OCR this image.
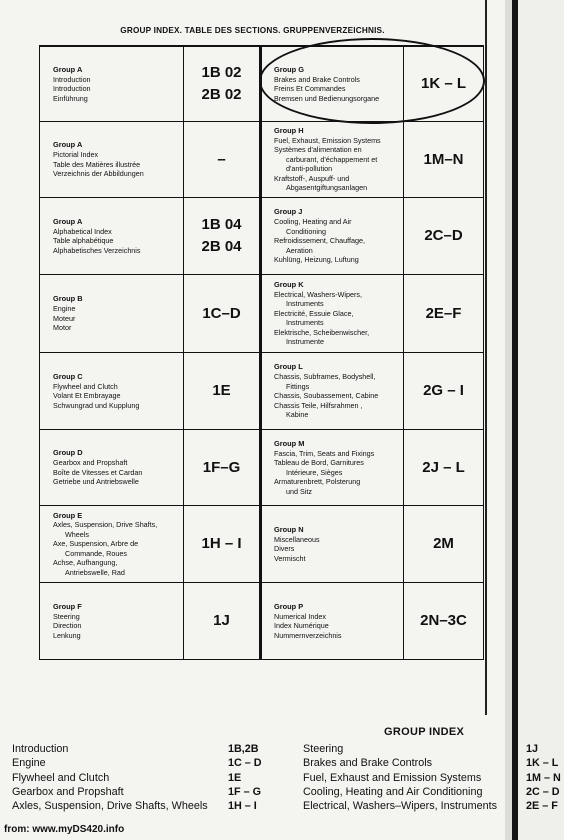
GROUP INDEX. TABLE DES SECTIONS. GRUPPENVERZEICHNIS.
Group A
Introduction
Introduction
Einführung
1B 02
2B 02
Group G
Brakes and Brake Controls
Freins Et Commandes
Bremsen und Bedienungsorgane
1K – L
Group A
Pictorial Index
Table des Matières illustrée
Verzeichnis der Abbildungen
–
Group H
Fuel, Exhaust, Emission Systems
Systèmes d'alimentation en
carburant, d'échappement et
d'anti-pollution
Kraftstoff-, Auspuff- und
Abgasentgiftungsanlagen
1M–N
Group A
Alphabetical Index
Table alphabétique
Alphabetisches Verzeichnis
1B 04
2B 04
Group J
Cooling, Heating and Air
Conditioning
Refroidissement, Chauffage,
Aeration
Kuhlüng, Heizung, Luftung
2C–D
Group B
Engine
Moteur
Motor
1C–D
Group K
Electrical, Washers-Wipers,
Instruments
Electricité, Essuie Glace,
Instruments
Elektrische, Scheibenwischer,
Instrumente
2E–F
Group C
Flywheel and Clutch
Volant Et Embrayage
Schwungrad und Kupplung
1E
Group L
Chassis, Subframes, Bodyshell,
Fittings
Chassis, Soubassement, Cabine
Chassis Teile, Hilfsrahmen ,
Kabine
2G – I
Group D
Gearbox and Propshaft
Boîte de Vitesses et Cardan
Getriebe und Antriebswelle
1F–G
Group M
Fascia, Trim, Seats and Fixings
Tableau de Bord, Garnitures
Intérieure, Sièges
Armaturenbrett, Polsterung
und Sitz
2J – L
Group E
Axles, Suspension, Drive Shafts,
Wheels
Axe, Suspension, Arbre de
Commande, Roues
Achse, Aufhangung,
Antriebswelle, Rad
1H – I
Group N
Miscellaneous
Divers
Vermischt
2M
Group F
Steering
Direction
Lenkung
1J
Group P
Numerical Index
Index Numérique
Nummernverzeichnis
2N–3C
GROUP INDEX
Introduction
Engine
Flywheel and Clutch
Gearbox and Propshaft
Axles, Suspension, Drive Shafts, Wheels
1B,2B
1C – D
1E
1F – G
1H – I
Steering
Brakes and Brake Controls
Fuel, Exhaust and Emission Systems
Cooling, Heating and Air Conditioning
Electrical, Washers–Wipers, Instruments
1J
1K – L
1M – N
2C – D
2E – F
from: www.myDS420.info
